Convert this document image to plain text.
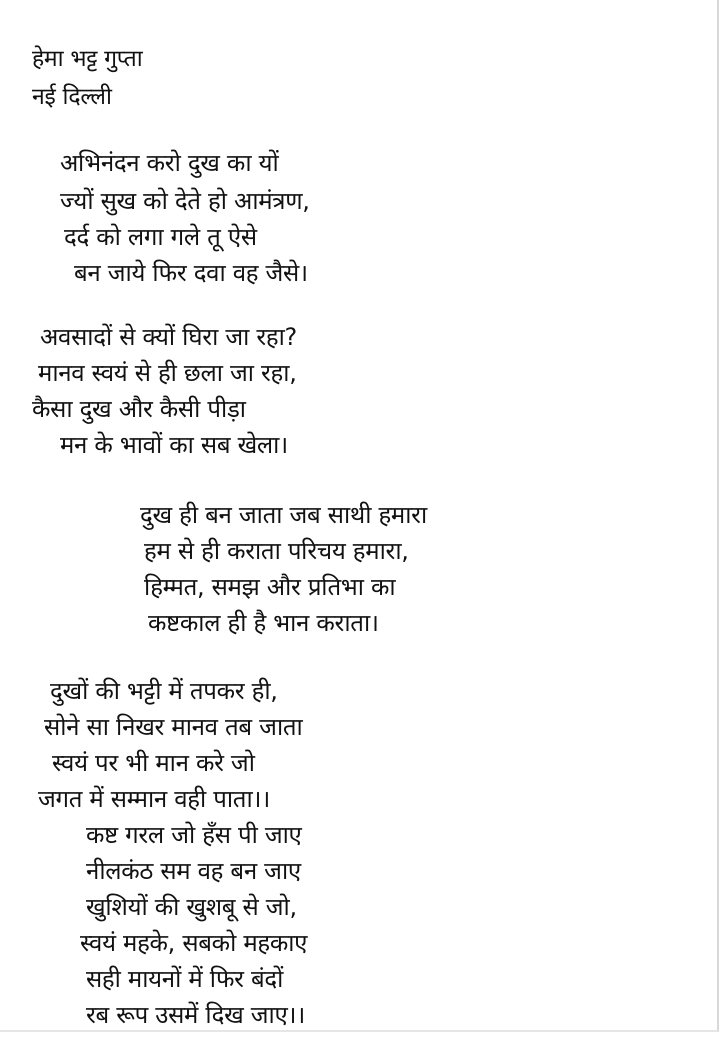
हेमा भट्ट गुप्ता
नई दिल्ली
अभिनंदन करो दुख का यों
ज्यों सुख को देते हो आमंत्रण,
दर्द को लगा गले तू ऐसे
बन जाये फिर दवा वह जैसे।
अवसादों से क्यों घिरा जा रहा?
मानव स्वयं से ही छला जा रहा,
कैसा दुख और कैसी पीड़ा
मन के भावों का सब खेला।
दुख ही बन जाता जब साथी हमारा
हम से ही कराता परिचय हमारा,
हिम्मत, समझ और प्रतिभा का
कष्टकाल ही है भान कराता।
दुखों की भट्टी में तपकर ही,
सोने सा निखर मानव तब जाता
स्वयं पर भी मान करे जो
जगत में सम्मान वही पाता।।
कष्ट गरल जो हँस पी जाए
नीलकंठ सम वह बन जाए
खुशियों की खुशबू से जो,
स्वयं महके, सबको महकाए
सही मायनों में फिर बंदों
रब रूप उसमें दिख जाए।।
